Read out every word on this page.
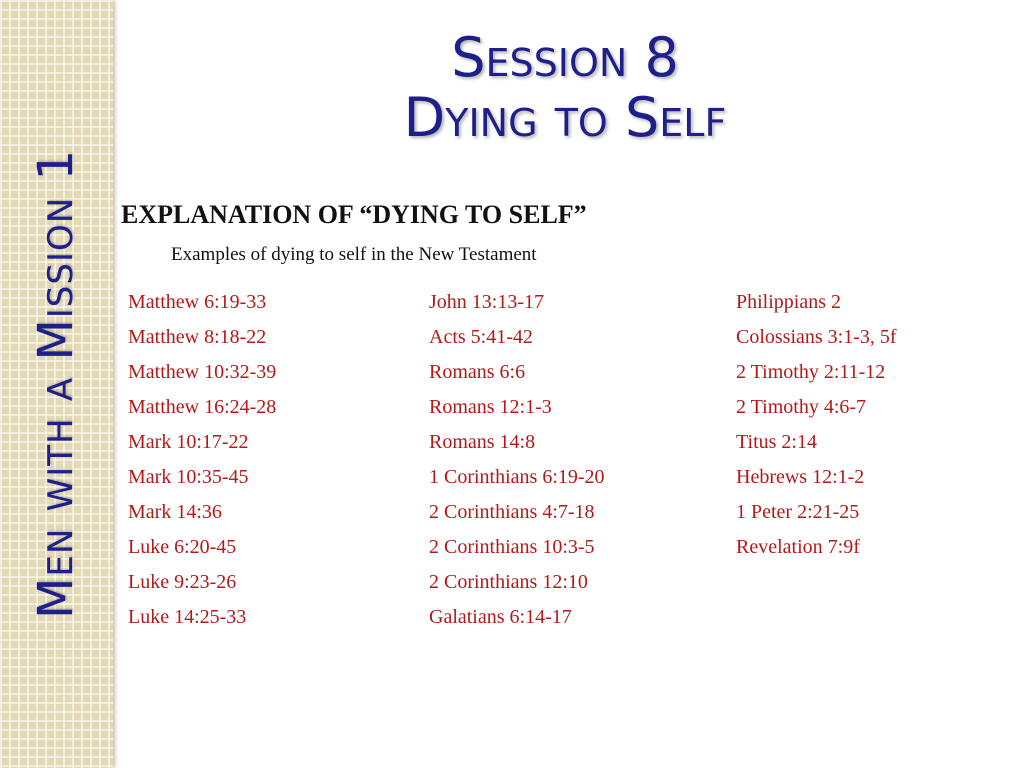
Men with a Mission 1
Session 8
Dying to Self
EXPLANATION OF “DYING TO SELF”
Examples of dying to self in the New Testament
Matthew 6:19-33
Matthew 8:18-22
Matthew 10:32-39
Matthew 16:24-28
Mark 10:17-22
Mark 10:35-45
Mark 14:36
Luke 6:20-45
Luke 9:23-26
Luke 14:25-33
John 13:13-17
Acts 5:41-42
Romans 6:6
Romans 12:1-3
Romans 14:8
1 Corinthians 6:19-20
2 Corinthians 4:7-18
2 Corinthians 10:3-5
2 Corinthians 12:10
Galatians 6:14-17
Philippians 2
Colossians 3:1-3, 5f
2 Timothy 2:11-12
2 Timothy 4:6-7
Titus 2:14
Hebrews 12:1-2
1 Peter 2:21-25
Revelation 7:9f
